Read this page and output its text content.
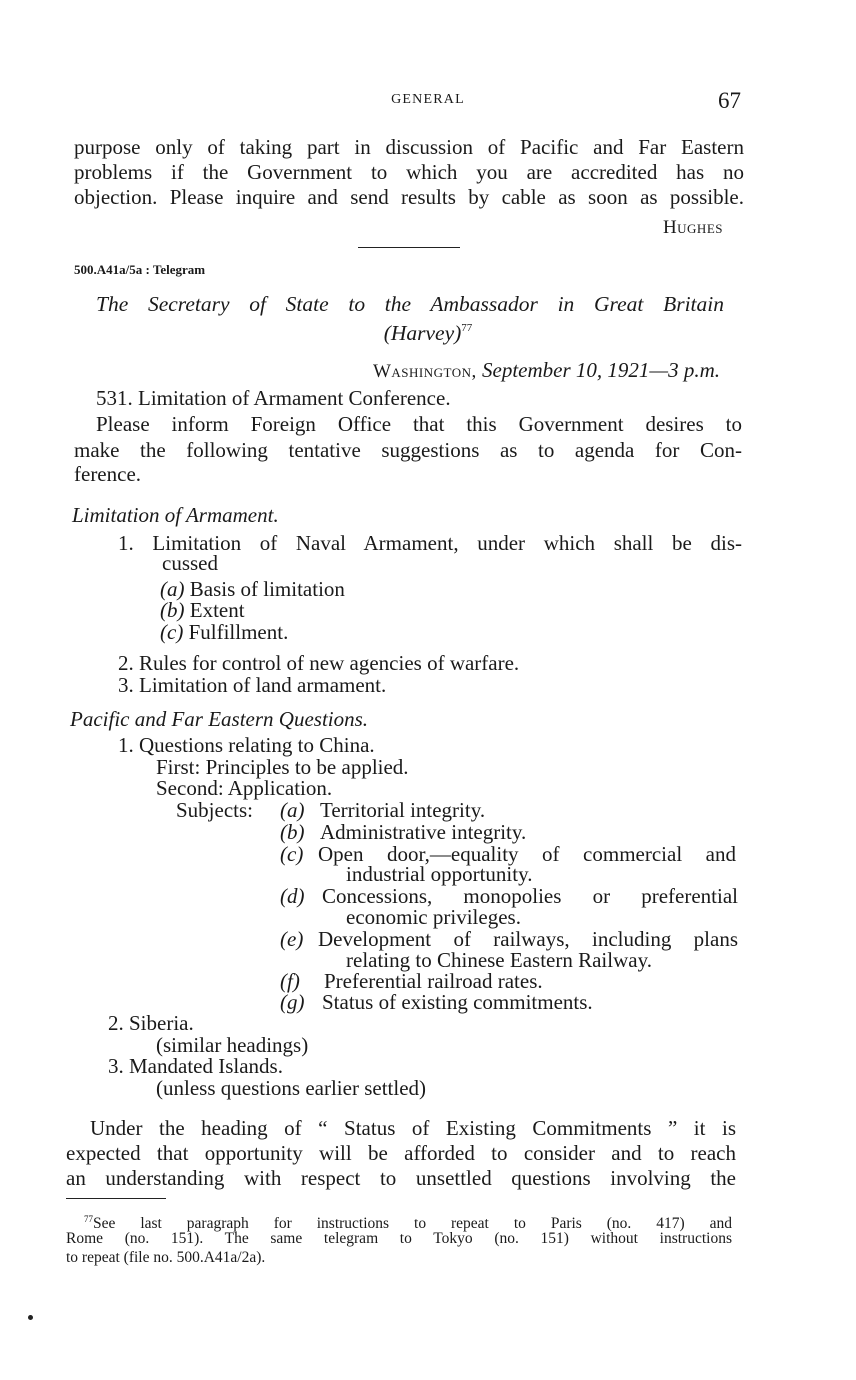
GENERAL	67
purpose only of taking part in discussion of Pacific and Far Eastern
problems if the Government to which you are accredited has no
objection. Please inquire and send results by cable as soon as possible.
Hughes
500.A41a/5a : Telegram
The Secretary of State to the Ambassador in Great Britain
(Harvey)$^{77}$
Washington, September 10, 1921—3 p.m.
531. Limitation of Armament Conference.
Please inform Foreign Office that this Government desires to
make the following tentative suggestions as to agenda for Con-
ference.
Limitation of Armament.
1. Limitation of Naval Armament, under which shall be dis-
cussed
(a) Basis of limitation
(b) Extent
(c) Fulfillment.
2. Rules for control of new agencies of warfare.
3. Limitation of land armament.
Pacific and Far Eastern Questions.
1. Questions relating to China.
First: Principles to be applied.
Second: Application.
Subjects: (a) Territorial integrity.
(b) Administrative integrity.
(c) Open door,—equality of commercial and
industrial opportunity.
(d) Concessions, monopolies or preferential
economic privileges.
(e) Development of railways, including plans
relating to Chinese Eastern Railway.
(f) Preferential railroad rates.
(g) Status of existing commitments.
2. Siberia.
(similar headings)
3. Mandated Islands.
(unless questions earlier settled)
Under the heading of “ Status of Existing Commitments ” it is
expected that opportunity will be afforded to consider and to reach
an understanding with respect to unsettled questions involving the
$^{77}$See last paragraph for instructions to repeat to Paris (no. 417) and
Rome (no. 151). The same telegram to Tokyo (no. 151) without instructions
to repeat (file no. 500.A41a/2a).
